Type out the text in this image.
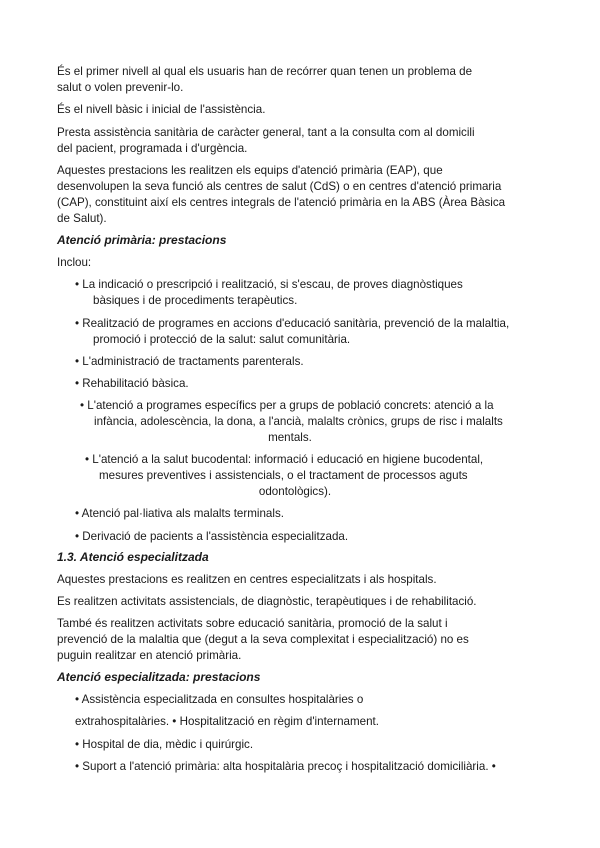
És el primer nivell al qual els usuaris han de recórrer quan tenen un problema de

salut o volen prevenir-lo.

És el nivell bàsic i inicial de l'assistència.

Presta assistència sanitària de caràcter general, tant a la consulta com al domicili

del pacient, programada i d'urgència.

Aquestes prestacions les realitzen els equips d'atenció primària (EAP), que

desenvolupen la seva funció als centres de salut (CdS) o en centres d'atenció primaria

(CAP), constituint així els centres integrals de l'atenció primària en la ABS (Àrea Bàsica

de Salut).

Atenció primària: prestacions

Inclou:

• La indicació o prescripció i realització, si s'escau, de proves diagnòstiques

bàsiques i de procediments terapèutics.

• Realització de programes en accions d'educació sanitària, prevenció de la malaltia,

promoció i protecció de la salut: salut comunitària.

• L'administració de tractaments parenterals.

• Rehabilitació bàsica.

• L'atenció a programes específics per a grups de població concrets: atenció a la

infància, adolescència, la dona, a l'ancià, malalts crònics, grups de risc i malalts

mentals.

• L'atenció a la salut bucodental: informació i educació en higiene bucodental,

mesures preventives i assistencials, o el tractament de processos aguts

odontològics).

• Atenció pal·liativa als malalts terminals.

• Derivació de pacients a l'assistència especialitzada.

1.3. Atenció especialitzada

Aquestes prestacions es realitzen en centres especialitzats i als hospitals.

Es realitzen activitats assistencials, de diagnòstic, terapèutiques i de rehabilitació.

També és realitzen activitats sobre educació sanitària, promoció de la salut i

prevenció de la malaltia que (degut a la seva complexitat i especialització) no es

puguin realitzar en atenció primària.

Atenció especialitzada: prestacions

• Assistència especialitzada en consultes hospitalàries o

extrahospitalàries. • Hospitalització en règim d'internament.

• Hospital de dia, mèdic i quirúrgic.

• Suport a l'atenció primària: alta hospitalària precoç i hospitalització domiciliària. •
